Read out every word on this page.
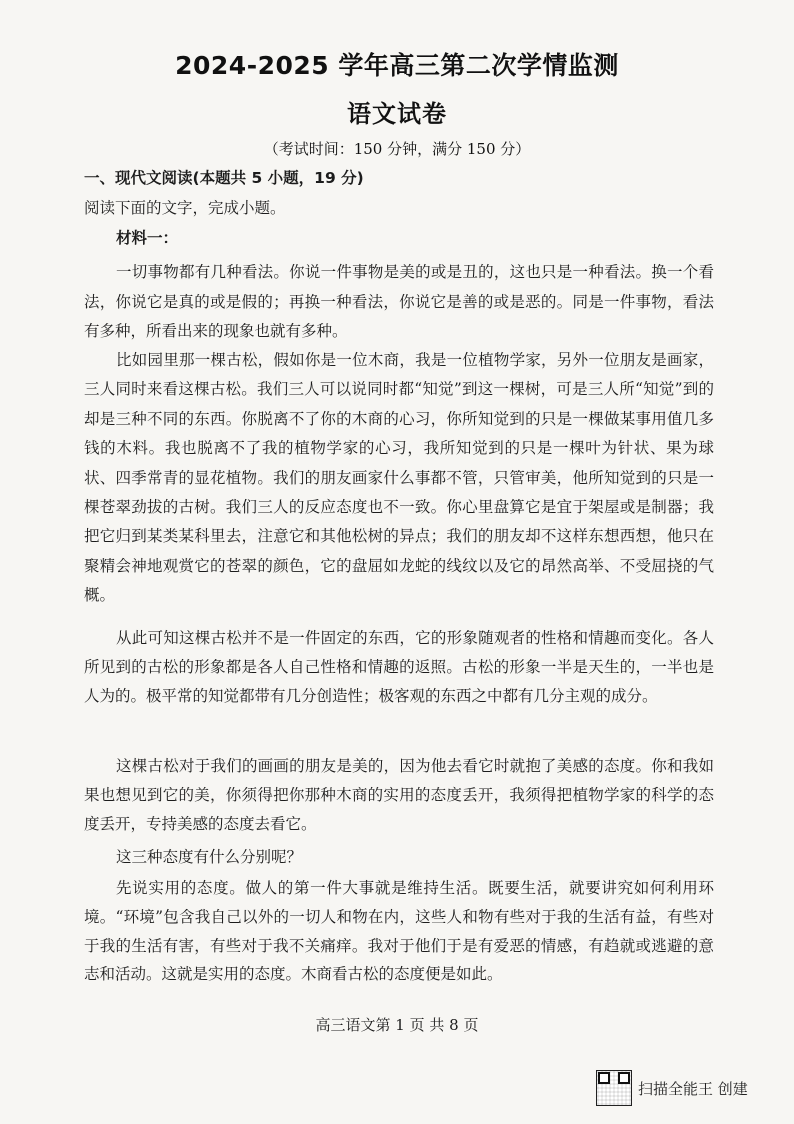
2024-2025 学年高三第二次学情监测
语文试卷
（考试时间：150 分钟，满分 150 分）
一、现代文阅读(本题共 5 小题，19 分)
阅读下面的文字，完成小题。
材料一：
一切事物都有几种看法。你说一件事物是美的或是丑的，这也只是一种看法。换一个看法，你说它是真的或是假的；再换一种看法，你说它是善的或是恶的。同是一件事物，看法有多种，所看出来的现象也就有多种。
比如园里那一棵古松，假如你是一位木商，我是一位植物学家，另外一位朋友是画家，三人同时来看这棵古松。我们三人可以说同时都“知觉”到这一棵树，可是三人所“知觉”到的却是三种不同的东西。你脱离不了你的木商的心习，你所知觉到的只是一棵做某事用值几多钱的木料。我也脱离不了我的植物学家的心习，我所知觉到的只是一棵叶为针状、果为球状、四季常青的显花植物。我们的朋友画家什么事都不管，只管审美，他所知觉到的只是一棵苍翠劲拔的古树。我们三人的反应态度也不一致。你心里盘算它是宜于架屋或是制器；我把它归到某类某科里去，注意它和其他松树的异点；我们的朋友却不这样东想西想，他只在聚精会神地观赏它的苍翠的颜色，它的盘屈如龙蛇的线纹以及它的昂然高举、不受屈挠的气概。
从此可知这棵古松并不是一件固定的东西，它的形象随观者的性格和情趣而变化。各人所见到的古松的形象都是各人自己性格和情趣的返照。古松的形象一半是天生的，一半也是人为的。极平常的知觉都带有几分创造性；极客观的东西之中都有几分主观的成分。
这棵古松对于我们的画画的朋友是美的，因为他去看它时就抱了美感的态度。你和我如果也想见到它的美，你须得把你那种木商的实用的态度丢开，我须得把植物学家的科学的态度丢开，专持美感的态度去看它。
这三种态度有什么分别呢？
先说实用的态度。做人的第一件大事就是维持生活。既要生活，就要讲究如何利用环境。“环境”包含我自己以外的一切人和物在内，这些人和物有些对于我的生活有益，有些对于我的生活有害，有些对于我不关痛痒。我对于他们于是有爱恶的情感，有趋就或逃避的意志和活动。这就是实用的态度。木商看古松的态度便是如此。
高三语文第 1 页 共 8 页
扫描全能王 创建
